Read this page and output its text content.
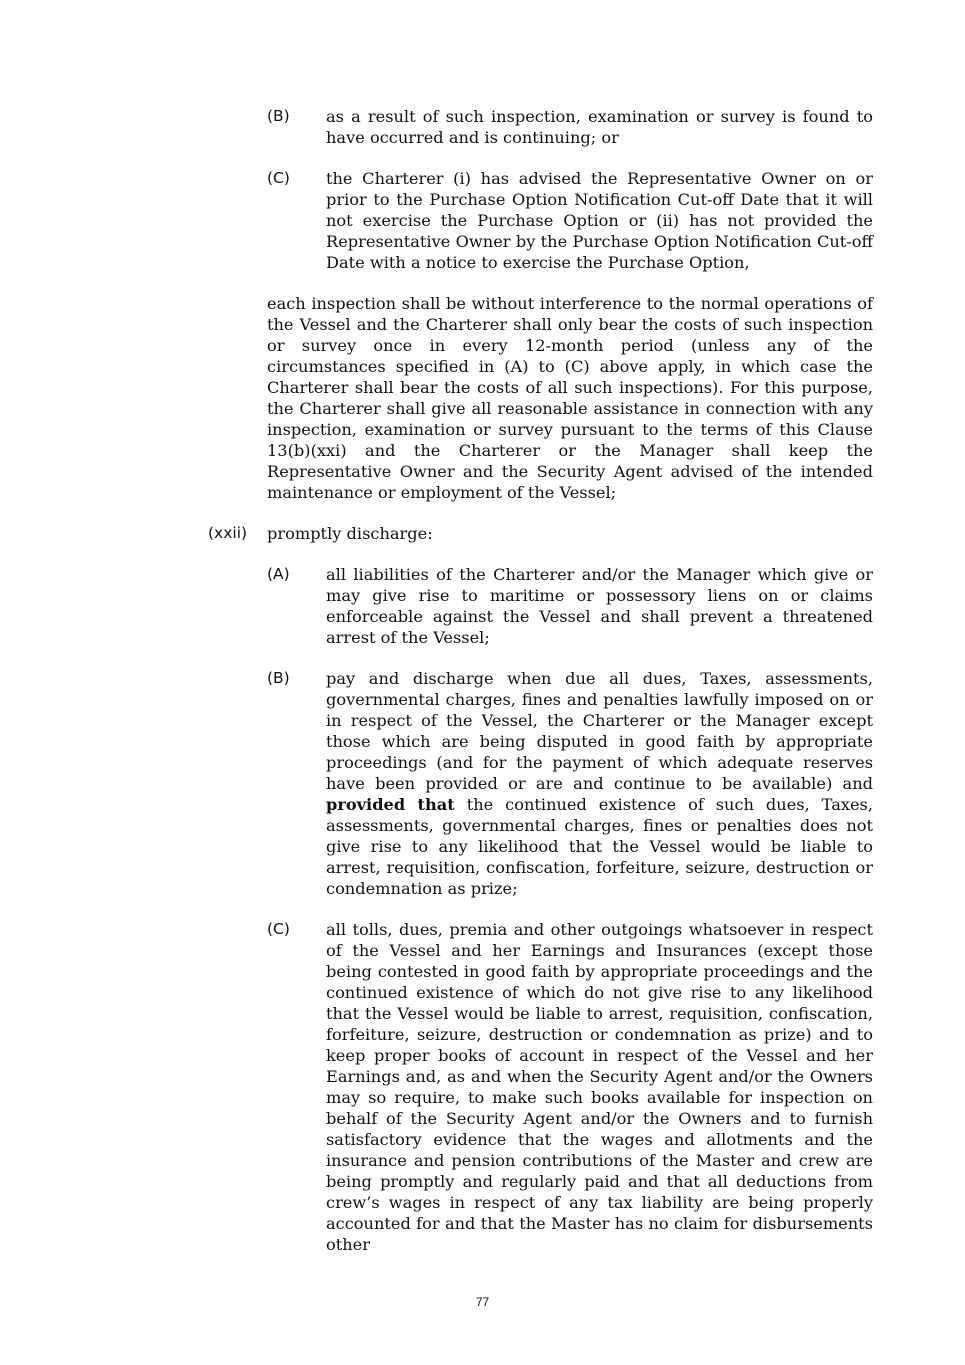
(B)	as a result of such inspection, examination or survey is found to have occurred and is continuing; or
(C)	the Charterer (i) has advised the Representative Owner on or prior to the Purchase Option Notification Cut-off Date that it will not exercise the Purchase Option or (ii) has not provided the Representative Owner by the Purchase Option Notification Cut-off Date with a notice to exercise the Purchase Option,
each inspection shall be without interference to the normal operations of the Vessel and the Charterer shall only bear the costs of such inspection or survey once in every 12-month period (unless any of the circumstances specified in (A) to (C) above apply, in which case the Charterer shall bear the costs of all such inspections). For this purpose, the Charterer shall give all reasonable assistance in connection with any inspection, examination or survey pursuant to the terms of this Clause 13(b)(xxi) and the Charterer or the Manager shall keep the Representative Owner and the Security Agent advised of the intended maintenance or employment of the Vessel;
(xxii)	promptly discharge:
(A)	all liabilities of the Charterer and/or the Manager which give or may give rise to maritime or possessory liens on or claims enforceable against the Vessel and shall prevent a threatened arrest of the Vessel;
(B)	pay and discharge when due all dues, Taxes, assessments, governmental charges, fines and penalties lawfully imposed on or in respect of the Vessel, the Charterer or the Manager except those which are being disputed in good faith by appropriate proceedings (and for the payment of which adequate reserves have been provided or are and continue to be available) and provided that the continued existence of such dues, Taxes, assessments, governmental charges, fines or penalties does not give rise to any likelihood that the Vessel would be liable to arrest, requisition, confiscation, forfeiture, seizure, destruction or condemnation as prize;
(C)	all tolls, dues, premia and other outgoings whatsoever in respect of the Vessel and her Earnings and Insurances (except those being contested in good faith by appropriate proceedings and the continued existence of which do not give rise to any likelihood that the Vessel would be liable to arrest, requisition, confiscation, forfeiture, seizure, destruction or condemnation as prize) and to keep proper books of account in respect of the Vessel and her Earnings and, as and when the Security Agent and/or the Owners may so require, to make such books available for inspection on behalf of the Security Agent and/or the Owners and to furnish satisfactory evidence that the wages and allotments and the insurance and pension contributions of the Master and crew are being promptly and regularly paid and that all deductions from crew’s wages in respect of any tax liability are being properly accounted for and that the Master has no claim for disbursements other
77
